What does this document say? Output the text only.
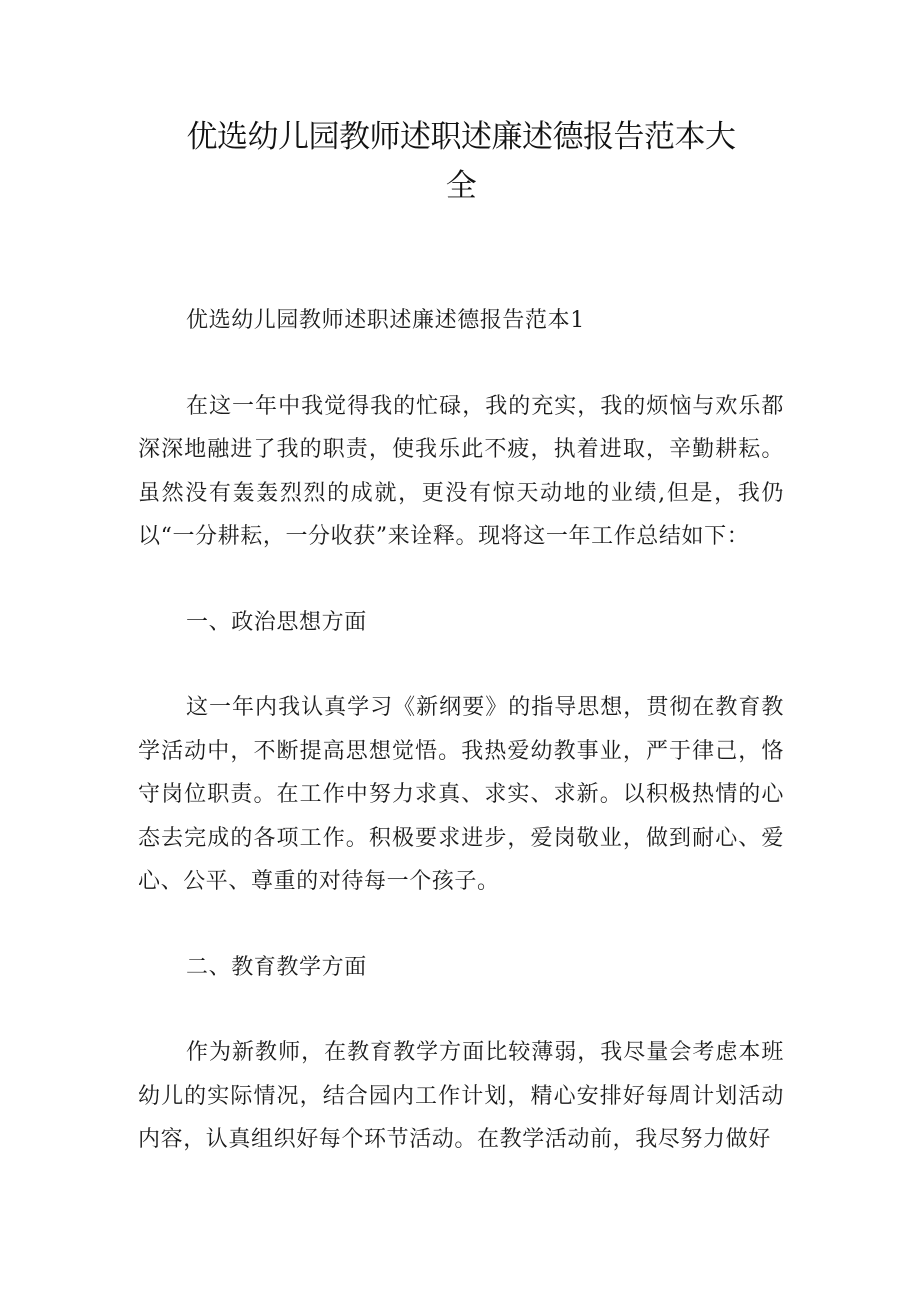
优选幼儿园教师述职述廉述德报告范本大
全

优选幼儿园教师述职述廉述德报告范本1

在这一年中我觉得我的忙碌，我的充实，我的烦恼与欢乐都深深地融进了我的职责，使我乐此不疲，执着进取，辛勤耕耘。虽然没有轰轰烈烈的成就，更没有惊天动地的业绩,但是，我仍以“一分耕耘，一分收获”来诠释。现将这一年工作总结如下：

一、政治思想方面

这一年内我认真学习《新纲要》的指导思想，贯彻在教育教学活动中，不断提高思想觉悟。我热爱幼教事业，严于律己，恪守岗位职责。在工作中努力求真、求实、求新。以积极热情的心态去完成的各项工作。积极要求进步，爱岗敬业，做到耐心、爱心、公平、尊重的对待每一个孩子。

二、教育教学方面

作为新教师，在教育教学方面比较薄弱，我尽量会考虑本班幼儿的实际情况，结合园内工作计划，精心安排好每周计划活动内容，认真组织好每个环节活动。在教学活动前，我尽努力做好
